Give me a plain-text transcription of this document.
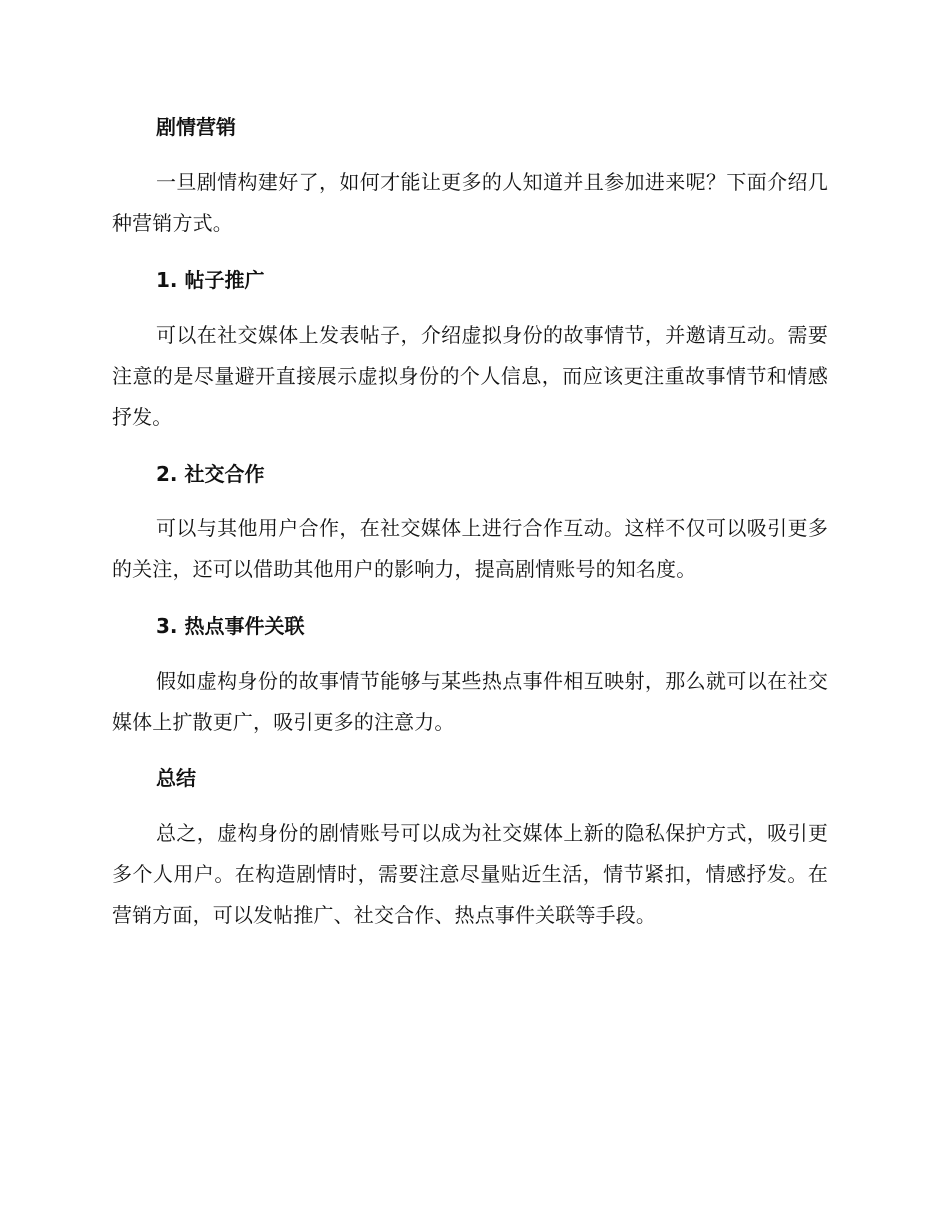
剧情营销

一旦剧情构建好了，如何才能让更多的人知道并且参加进来呢？下面介绍几种营销方式。

1. 帖子推广

可以在社交媒体上发表帖子，介绍虚拟身份的故事情节，并邀请互动。需要注意的是尽量避开直接展示虚拟身份的个人信息，而应该更注重故事情节和情感抒发。

2. 社交合作

可以与其他用户合作，在社交媒体上进行合作互动。这样不仅可以吸引更多的关注，还可以借助其他用户的影响力，提高剧情账号的知名度。

3. 热点事件关联

假如虚构身份的故事情节能够与某些热点事件相互映射，那么就可以在社交媒体上扩散更广，吸引更多的注意力。

总结

总之，虚构身份的剧情账号可以成为社交媒体上新的隐私保护方式，吸引更多个人用户。在构造剧情时，需要注意尽量贴近生活，情节紧扣，情感抒发。在营销方面，可以发帖推广、社交合作、热点事件关联等手段。
